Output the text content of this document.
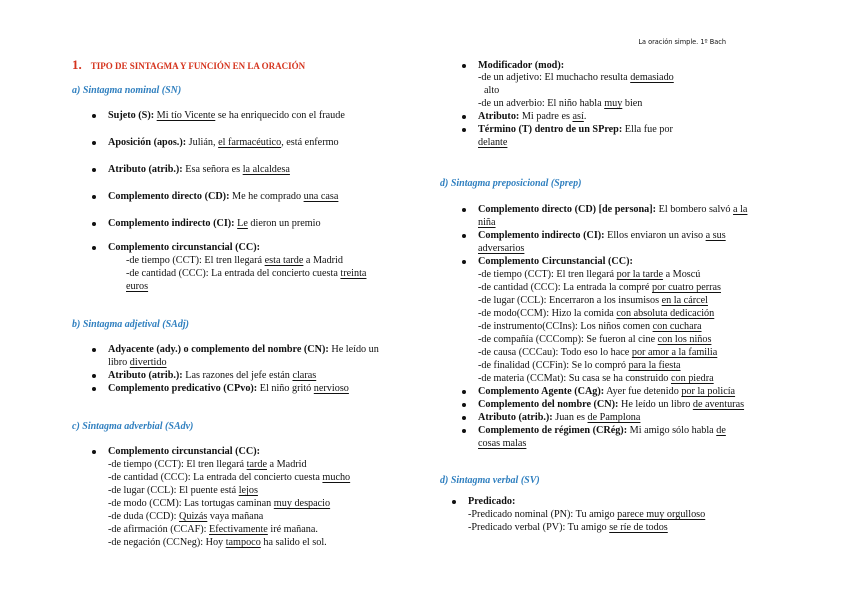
La oración simple. 1º Bach
1. TIPO DE SINTAGMA Y FUNCIÓN EN LA ORACIÓN
a) Sintagma nominal (SN)
Sujeto (S): Mi tío Vicente se ha enriquecido con el fraude
Aposición (apos.): Julián, el farmacéutico, está enfermo
Atributo (atrib.): Esa señora es la alcaldesa
Complemento directo (CD): Me he comprado una casa
Complemento indirecto (CI): Le dieron un premio
Complemento circunstancial (CC):
-de tiempo (CCT): El tren llegará esta tarde a Madrid
-de cantidad (CCC): La entrada del concierto cuesta treinta
euros
b) Sintagma adjetival (SAdj)
Adyacente (ady.) o complemento del nombre (CN): He leído un
libro divertido
Atributo (atrib.): Las razones del jefe están claras
Complemento predicativo (CPvo): El niño gritó nervioso
c) Sintagma adverbial (SAdv)
Complemento circunstancial (CC):
-de tiempo (CCT): El tren llegará tarde a Madrid
-de cantidad (CCC): La entrada del concierto cuesta mucho
-de lugar (CCL): El puente está lejos
-de modo (CCM): Las tortugas caminan muy despacio
-de duda (CCD): Quizás vaya mañana
-de afirmación (CCAF): Efectivamente iré mañana.
-de negación (CCNeg): Hoy tampoco ha salido el sol.
Modificador (mod):
-de un adjetivo: El muchacho resulta demasiado
alto
-de un adverbio: El niño habla muy bien
Atributo: Mi padre es así.
Término (T) dentro de un SPrep: Ella fue por
delante
d) Sintagma preposicional (Sprep)
Complemento directo (CD) [de persona]: El bombero salvó a la
niña
Complemento indirecto (CI): Ellos enviaron un aviso a sus
adversarios
Complemento Circunstancial (CC):
-de tiempo (CCT): El tren llegará por la tarde a Moscú
-de cantidad (CCC): La entrada la compré por cuatro perras
-de lugar (CCL): Encerraron a los insumisos en la cárcel
-de modo(CCM): Hizo la comida con absoluta dedicación
-de instrumento(CCIns): Los niños comen con cuchara
-de compañía (CCComp): Se fueron al cine con los niños
-de causa (CCCau): Todo eso lo hace por amor a la familia
-de finalidad (CCFin): Se lo compró para la fiesta
-de materia (CCMat): Su casa se ha construido con piedra
Complemento Agente (CAg): Ayer fue detenido por la policía
Complemento del nombre (CN): He leído un libro de aventuras
Atributo (atrib.): Juan es de Pamplona
Complemento de régimen (CRég): Mi amigo sólo habla de
cosas malas
d) Sintagma verbal (SV)
Predicado:
-Predicado nominal (PN): Tu amigo parece muy orgulloso
-Predicado verbal (PV): Tu amigo se ríe de todos
